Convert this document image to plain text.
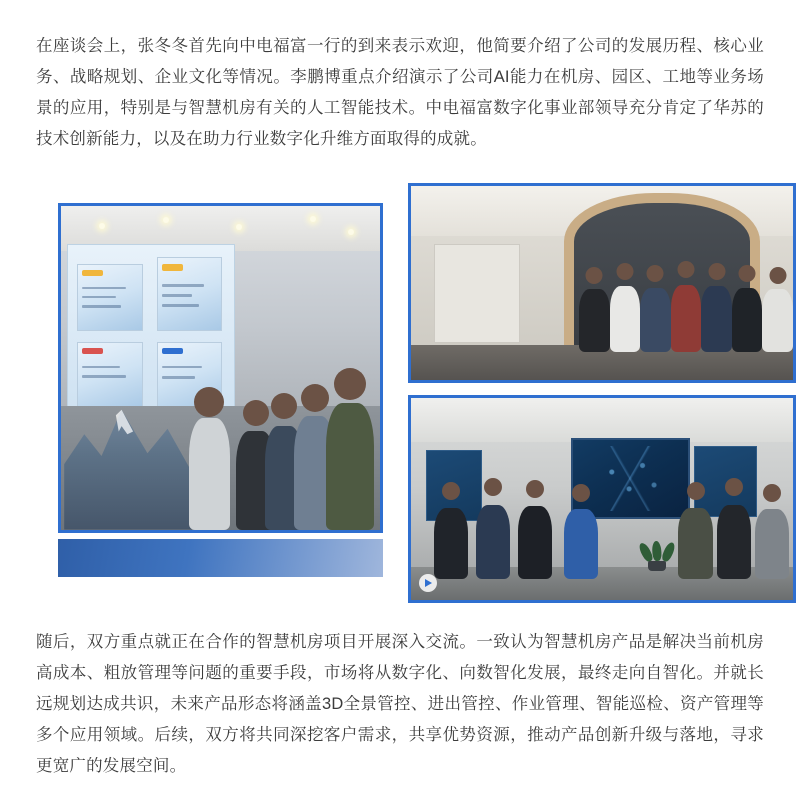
在座谈会上，张冬冬首先向中电福富一行的到来表示欢迎，他简要介绍了公司的发展历程、核心业务、战略规划、企业文化等情况。李鹏博重点介绍演示了公司AI能力在机房、园区、工地等业务场景的应用，特别是与智慧机房有关的人工智能技术。中电福富数字化事业部领导充分肯定了华苏的技术创新能力，以及在助力行业数字化升维方面取得的成就。

随后，双方重点就正在合作的智慧机房项目开展深入交流。一致认为智慧机房产品是解决当前机房高成本、粗放管理等问题的重要手段，市场将从数字化、向数智化发展，最终走向自智化。并就长远规划达成共识，未来产品形态将涵盖3D全景管控、进出管控、作业管理、智能巡检、资产管理等多个应用领域。后续，双方将共同深挖客户需求，共享优势资源，推动产品创新升级与落地，寻求更宽广的发展空间。
